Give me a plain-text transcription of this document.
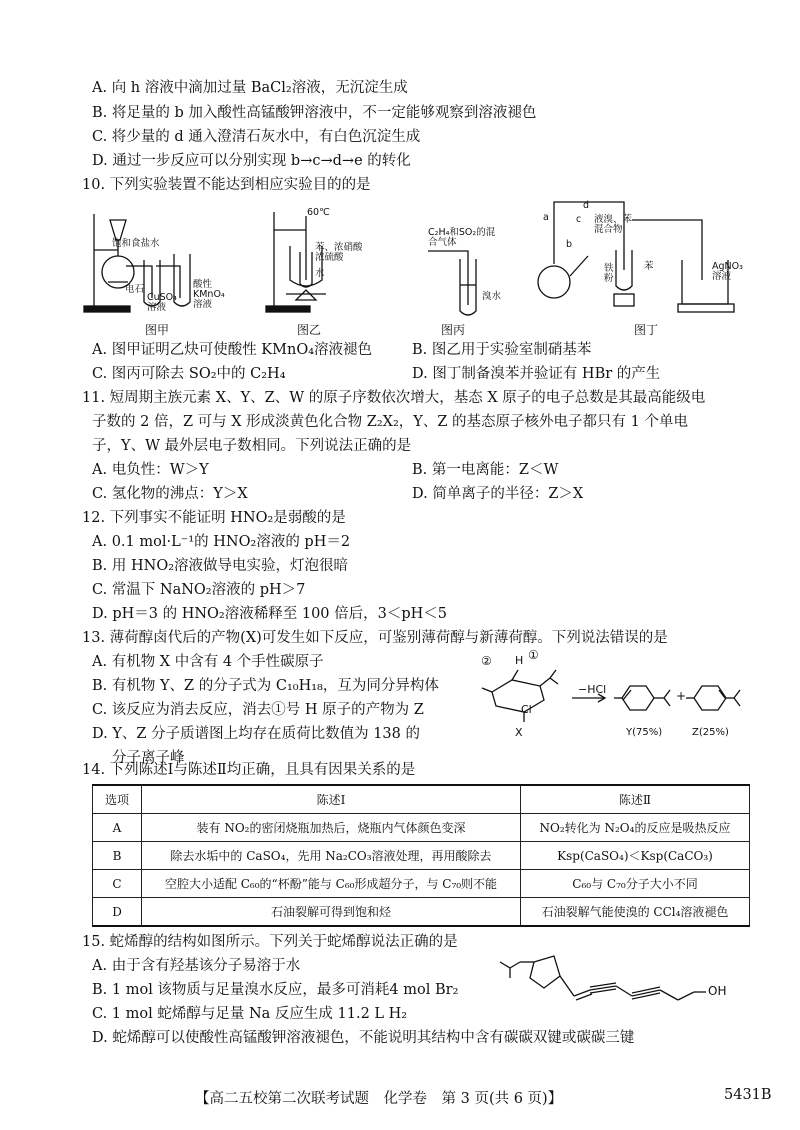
A. 向 h 溶液中滴加过量 BaCl₂溶液，无沉淀生成
B. 将足量的 b 加入酸性高锰酸钾溶液中，不一定能够观察到溶液褪色
C. 将少量的 d 通入澄清石灰水中，有白色沉淀生成
D. 通过一步反应可以分别实现 b→c→d→e 的转化
10. 下列实验装置不能达到相应实验目的的是
饱和食盐水
电石
CuSO₄溶液
酸性KMnO₄溶液
60℃
苯、浓硝酸浓硫酸
水
C₂H₄和SO₂的混合气体
溴水
a
b
c
d
液溴、苯混合物
铁粉
苯	AgNO₃溶液
图甲	图乙	图丙	图丁
A. 图甲证明乙炔可使酸性 KMnO₄溶液褪色	B. 图乙用于实验室制硝基苯
C. 图丙可除去 SO₂中的 C₂H₄	D. 图丁制备溴苯并验证有 HBr 的产生
11. 短周期主族元素 X、Y、Z、W 的原子序数依次增大，基态 X 原子的电子总数是其最高能级电
子数的 2 倍，Z 可与 X 形成淡黄色化合物 Z₂X₂，Y、Z 的基态原子核外电子都只有 1 个单电
子，Y、W 最外层电子数相同。下列说法正确的是
A. 电负性：W＞Y	B. 第一电离能：Z＜W
C. 氢化物的沸点：Y＞X	D. 简单离子的半径：Z＞X
12. 下列事实不能证明 HNO₂是弱酸的是
A. 0.1 mol·L⁻¹的 HNO₂溶液的 pH＝2
B. 用 HNO₂溶液做导电实验，灯泡很暗
C. 常温下 NaNO₂溶液的 pH＞7
D. pH＝3 的 HNO₂溶液稀释至 100 倍后，3＜pH＜5
13. 薄荷醇卤代后的产物(X)可发生如下反应，可鉴别薄荷醇与新薄荷醇。下列说法错误的是
A. 有机物 X 中含有 4 个手性碳原子
B. 有机物 Y、Z 的分子式为 C₁₀H₁₈，互为同分异构体
C. 该反应为消去反应，消去①号 H 原子的产物为 Z
D. Y、Z 分子质谱图上均存在质荷比数值为 138 的
分子离子峰
② H ①
Cl
−HCl	+
X	Y(75%)	Z(25%)
14. 下列陈述Ⅰ与陈述Ⅱ均正确，且具有因果关系的是
选项	陈述Ⅰ	陈述Ⅱ
A	装有 NO₂的密闭烧瓶加热后，烧瓶内气体颜色变深	NO₂转化为 N₂O₄的反应是吸热反应
B	除去水垢中的 CaSO₄，先用 Na₂CO₃溶液处理，再用酸除去	Ksp(CaSO₄)＜Ksp(CaCO₃)
C	空腔大小适配 C₆₀的“杯酚”能与 C₆₀形成超分子，与 C₇₀则不能	C₆₀与 C₇₀分子大小不同
D	石油裂解可得到饱和烃	石油裂解气能使溴的 CCl₄溶液褪色
15. 蛇烯醇的结构如图所示。下列关于蛇烯醇说法正确的是
A. 由于含有羟基该分子易溶于水
B. 1 mol 该物质与足量溴水反应，最多可消耗4 mol Br₂
C. 1 mol 蛇烯醇与足量 Na 反应生成 11.2 L H₂
D. 蛇烯醇可以使酸性高锰酸钾溶液褪色，不能说明其结构中含有碳碳双键或碳碳三键
OH
【高二五校第二次联考试题　化学卷　第 3 页(共 6 页)】	5431B
